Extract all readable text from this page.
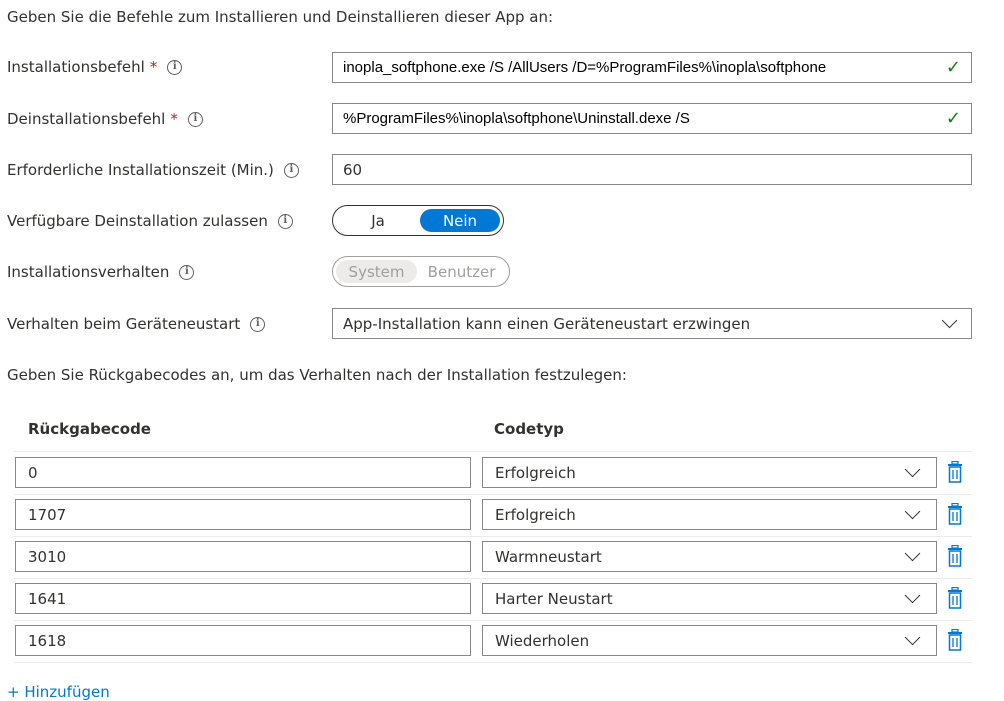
Geben Sie die Befehle zum Installieren und Deinstallieren dieser App an:
Installationsbefehl *	i	inopla_softphone.exe /S /AllUsers /D=%ProgramFiles%\inopla\softphone	✓
Deinstallationsbefehl *	i	%ProgramFiles%\inopla\softphone\Uninstall.dexe /S	✓
Erforderliche Installationszeit (Min.)	i	60
Verfügbare Deinstallation zulassen	i	Ja	Nein
Installationsverhalten	i	System	Benutzer
Verhalten beim Geräteneustart	i	App-Installation kann einen Geräteneustart erzwingen
Geben Sie Rückgabecodes an, um das Verhalten nach der Installation festzulegen:
Rückgabecode	Codetyp
0	Erfolgreich
1707	Erfolgreich
3010	Warmneustart
1641	Harter Neustart
1618	Wiederholen
+ Hinzufügen
